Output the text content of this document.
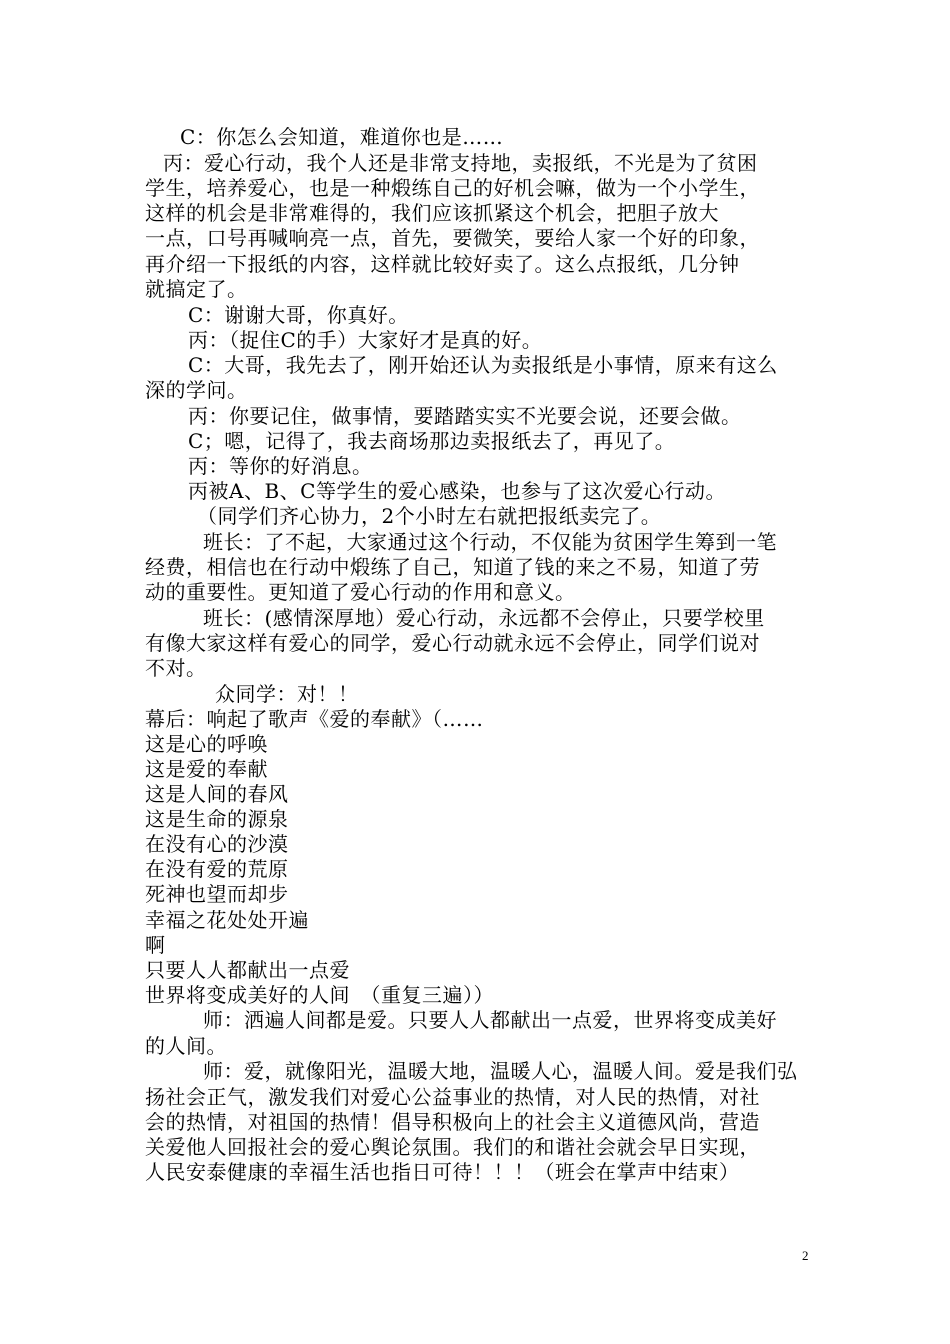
C：你怎么会知道，难道你也是……
丙：爱心行动，我个人还是非常支持地，卖报纸，不光是为了贫困
学生，培养爱心，也是一种煅练自己的好机会嘛，做为一个小学生，
这样的机会是非常难得的，我们应该抓紧这个机会，把胆子放大
一点，口号再喊响亮一点，首先，要微笑，要给人家一个好的印象，
再介绍一下报纸的内容，这样就比较好卖了。这么点报纸，几分钟
就搞定了。
C：谢谢大哥，你真好。
丙：（捉住C的手）大家好才是真的好。
C：大哥，我先去了，刚开始还认为卖报纸是小事情，原来有这么
深的学问。
丙：你要记住，做事情，要踏踏实实不光要会说，还要会做。
C；嗯，记得了，我去商场那边卖报纸去了，再见了。
丙：等你的好消息。
丙被A、B、C等学生的爱心感染，也参与了这次爱心行动。
（同学们齐心协力，2个小时左右就把报纸卖完了。
班长：了不起，大家通过这个行动，不仅能为贫困学生筹到一笔
经费，相信也在行动中煅练了自己，知道了钱的来之不易，知道了劳
动的重要性。更知道了爱心行动的作用和意义。
班长：(感情深厚地）爱心行动，永远都不会停止，只要学校里
有像大家这样有爱心的同学，爱心行动就永远不会停止，同学们说对
不对。
众同学：对！！
幕后：响起了歌声《爱的奉献》（……
这是心的呼唤
这是爱的奉献
这是人间的春风
这是生命的源泉
在没有心的沙漠
在没有爱的荒原
死神也望而却步
幸福之花处处开遍
啊
只要人人都献出一点爱
世界将变成美好的人间　（重复三遍））
师：洒遍人间都是爱。只要人人都献出一点爱，世界将变成美好
的人间。
师：爱，就像阳光，温暖大地，温暖人心，温暖人间。爱是我们弘
扬社会正气，激发我们对爱心公益事业的热情，对人民的热情，对社
会的热情，对祖国的热情！倡导积极向上的社会主义道德风尚，营造
关爱他人回报社会的爱心舆论氛围。我们的和谐社会就会早日实现，
人民安泰健康的幸福生活也指日可待！！！（班会在掌声中结束）
2
